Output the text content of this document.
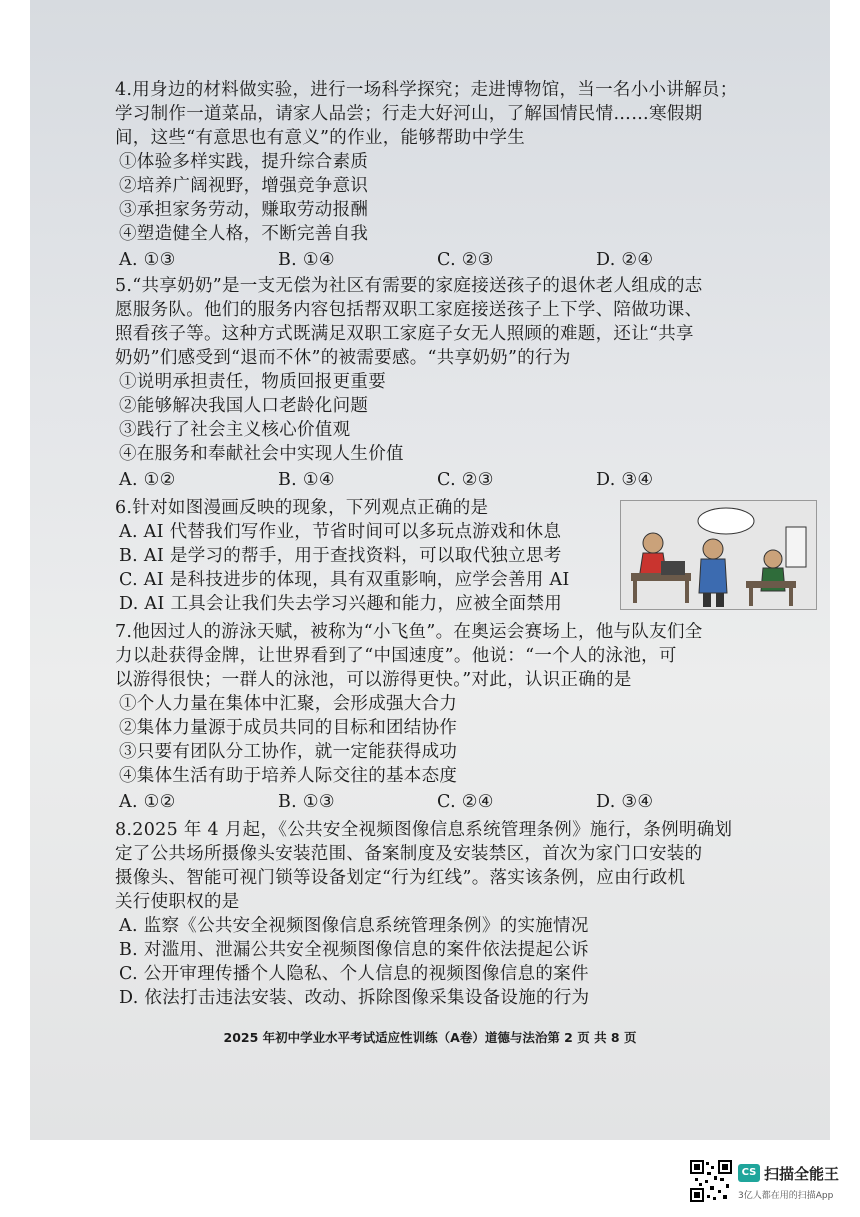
4.用身边的材料做实验，进行一场科学探究；走进博物馆，当一名小小讲解员；
学习制作一道菜品，请家人品尝；行走大好河山，了解国情民情……寒假期
间，这些“有意思也有意义”的作业，能够帮助中学生
①体验多样实践，提升综合素质
②培养广阔视野，增强竞争意识
③承担家务劳动，赚取劳动报酬
④塑造健全人格，不断完善自我
A. ①③	B. ①④	C. ②③	D. ②④
5.“共享奶奶”是一支无偿为社区有需要的家庭接送孩子的退休老人组成的志
愿服务队。他们的服务内容包括帮双职工家庭接送孩子上下学、陪做功课、
照看孩子等。这种方式既满足双职工家庭子女无人照顾的难题，还让“共享
奶奶”们感受到“退而不休”的被需要感。“共享奶奶”的行为
①说明承担责任，物质回报更重要
②能够解决我国人口老龄化问题
③践行了社会主义核心价值观
④在服务和奉献社会中实现人生价值
A. ①②	B. ①④	C. ②③	D. ③④
6.针对如图漫画反映的现象，下列观点正确的是
A. AI 代替我们写作业，节省时间可以多玩点游戏和休息
B. AI 是学习的帮手，用于查找资料，可以取代独立思考
C. AI 是科技进步的体现，具有双重影响，应学会善用 AI
D. AI 工具会让我们失去学习兴趣和能力，应被全面禁用
7.他因过人的游泳天赋，被称为“小飞鱼”。在奥运会赛场上，他与队友们全
力以赴获得金牌，让世界看到了“中国速度”。他说：“一个人的泳池，可
以游得很快；一群人的泳池，可以游得更快。”对此，认识正确的是
①个人力量在集体中汇聚，会形成强大合力
②集体力量源于成员共同的目标和团结协作
③只要有团队分工协作，就一定能获得成功
④集体生活有助于培养人际交往的基本态度
A. ①②	B. ①③	C. ②④	D. ③④
8.2025 年 4 月起，《公共安全视频图像信息系统管理条例》施行，条例明确划
定了公共场所摄像头安装范围、备案制度及安装禁区，首次为家门口安装的
摄像头、智能可视门锁等设备划定“行为红线”。落实该条例，应由行政机
关行使职权的是
A. 监察《公共安全视频图像信息系统管理条例》的实施情况
B. 对滥用、泄漏公共安全视频图像信息的案件依法提起公诉
C. 公开审理传播个人隐私、个人信息的视频图像信息的案件
D. 依法打击违法安装、改动、拆除图像采集设备设施的行为
2025 年初中学业水平考试适应性训练（A卷）道德与法治第 2 页 共 8 页
CS 扫描全能王
3亿人都在用的扫描App
